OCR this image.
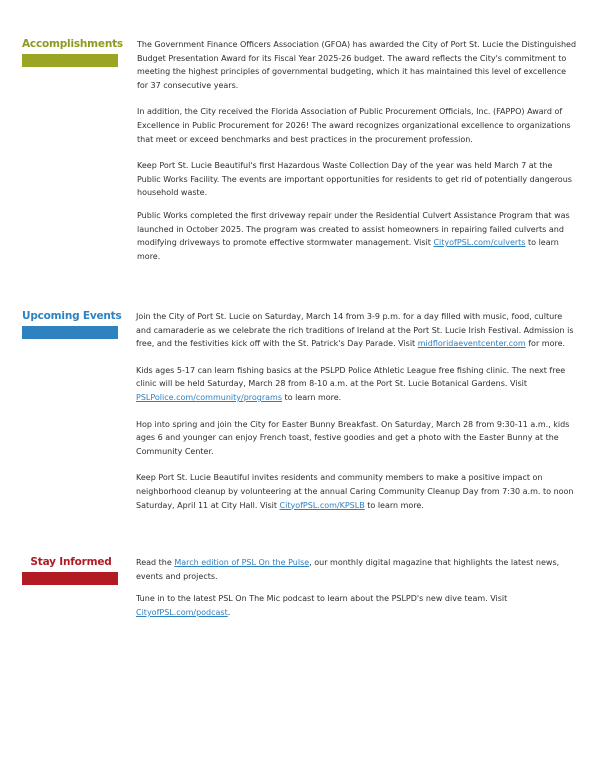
Accomplishments The Government Finance Officers Association (GFOA) has awarded the City of Port St. Lucie the Distinguished Budget Presentation Award for its Fiscal Year 2025-26 budget. The award reflects the City's commitment to meeting the highest principles of governmental budgeting, which it has maintained this level of excellence for 37 consecutive years.

In addition, the City received the Florida Association of Public Procurement Officials, Inc. (FAPPO) Award of Excellence in Public Procurement for 2026! The award recognizes organizational excellence to organizations that meet or exceed benchmarks and best practices in the procurement profession.

Keep Port St. Lucie Beautiful's first Hazardous Waste Collection Day of the year was held March 7 at the Public Works Facility. The events are important opportunities for residents to get rid of potentially dangerous household waste.

Public Works completed the first driveway repair under the Residential Culvert Assistance Program that was launched in October 2025. The program was created to assist homeowners in repairing failed culverts and modifying driveways to promote effective stormwater management. Visit CityofPSL.com/culverts to learn more.

Upcoming Events Join the City of Port St. Lucie on Saturday, March 14 from 3-9 p.m. for a day filled with music, food, culture and camaraderie as we celebrate the rich traditions of Ireland at the Port St. Lucie Irish Festival. Admission is free, and the festivities kick off with the St. Patrick's Day Parade. Visit midfloridaeventcenter.com for more.

Kids ages 5-17 can learn fishing basics at the PSLPD Police Athletic League free fishing clinic. The next free clinic will be held Saturday, March 28 from 8-10 a.m. at the Port St. Lucie Botanical Gardens. Visit PSLPolice.com/community/programs to learn more.

Hop into spring and join the City for Easter Bunny Breakfast. On Saturday, March 28 from 9:30-11 a.m., kids ages 6 and younger can enjoy French toast, festive goodies and get a photo with the Easter Bunny at the Community Center.

Keep Port St. Lucie Beautiful invites residents and community members to make a positive impact on neighborhood cleanup by volunteering at the annual Caring Community Cleanup Day from 7:30 a.m. to noon Saturday, April 11 at City Hall. Visit CityofPSL.com/KPSLB to learn more.

Stay Informed	Read the March edition of PSL On the Pulse, our monthly digital magazine that highlights the latest news, events and projects.

Tune in to the latest PSL On The Mic podcast to learn about the PSLPD's new dive team. Visit CityofPSL.com/podcast.
